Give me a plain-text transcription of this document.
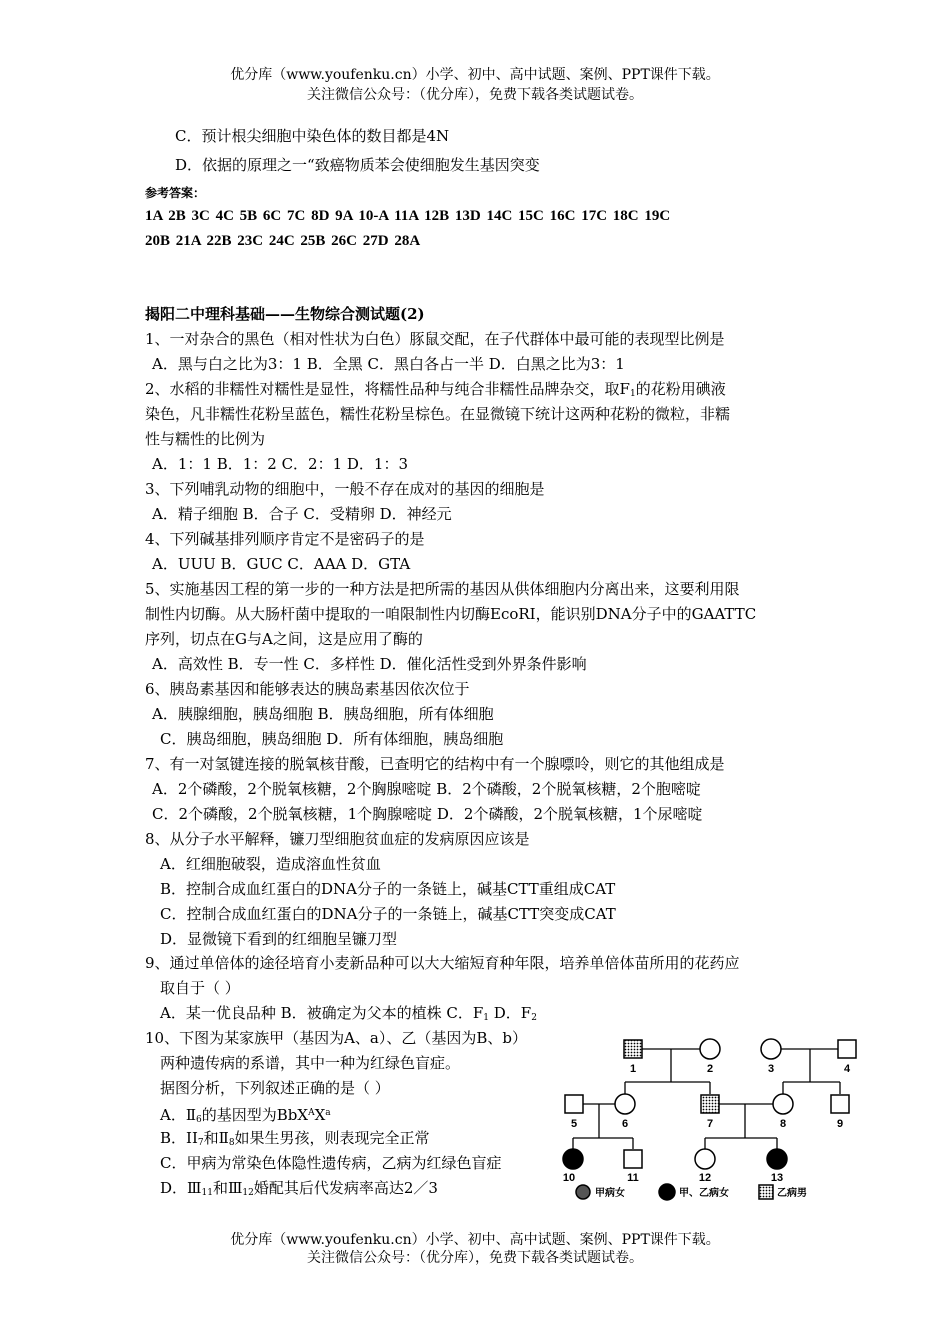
优分库（www.youfenku.cn）小学、初中、高中试题、案例、PPT课件下载。
关注微信公众号：（优分库），免费下载各类试题试卷。
C．预计根尖细胞中染色体的数目都是4N
D．依据的原理之一“致癌物质苯会使细胞发生基因突变
参考答案：
1A 2B 3C 4C 5B 6C 7C 8D 9A 10-A 11A 12B 13D 14C 15C 16C 17C 18C 19C
20B 21A 22B 23C 24C 25B 26C 27D 28A
揭阳二中理科基础——生物综合测试题(2)
1、一对杂合的黑色（相对性状为白色）豚鼠交配，在子代群体中最可能的表现型比例是
A．黑与白之比为3：1 B．全黑 C．黑白各占一半 D．白黑之比为3：1
2、水稻的非糯性对糯性是显性，将糯性品种与纯合非糯性品牌杂交，取$F_1$的花粉用碘液
染色，凡非糯性花粉呈蓝色，糯性花粉呈棕色。在显微镜下统计这两种花粉的微粒，非糯
性与糯性的比例为
A．1：1 B．1：2 C．2：1 D．1：3
3、下列哺乳动物的细胞中，一般不存在成对的基因的细胞是
A．精子细胞 B．合子 C．受精卵 D．神经元
4、下列碱基排列顺序肯定不是密码子的是
A．UUU B．GUC C．AAA D．GTA
5、实施基因工程的第一步的一种方法是把所需的基因从供体细胞内分离出来，这要利用限
制性内切酶。从大肠杆菌中提取的一咱限制性内切酶EcoRI，能识别DNA分子中的GAATTC
序列，切点在G与A之间，这是应用了酶的
A．高效性 B．专一性 C．多样性 D．催化活性受到外界条件影响
6、胰岛素基因和能够表达的胰岛素基因依次位于
A．胰腺细胞，胰岛细胞 B．胰岛细胞，所有体细胞
C．胰岛细胞，胰岛细胞 D．所有体细胞，胰岛细胞
7、有一对氢键连接的脱氧核苷酸，已查明它的结构中有一个腺嘌呤，则它的其他组成是
A．2个磷酸，2个脱氧核糖，2个胸腺嘧啶 B．2个磷酸，2个脱氧核糖，2个胞嘧啶
C．2个磷酸，2个脱氧核糖，1个胸腺嘧啶 D．2个磷酸，2个脱氧核糖，1个尿嘧啶
8、从分子水平解释，镰刀型细胞贫血症的发病原因应该是
A．红细胞破裂，造成溶血性贫血
B．控制合成血红蛋白的DNA分子的一条链上，碱基CTT重组成CAT
C．控制合成血红蛋白的DNA分子的一条链上，碱基CTT突变成CAT
D．显微镜下看到的红细胞呈镰刀型
9、通过单倍体的途径培育小麦新品种可以大大缩短育种年限，培养单倍体苗所用的花药应
取自于（ ）
A．某一优良品种 B．被确定为父本的植株 C．$F_1$ D．$F_2$
10、下图为某家族甲（基因为A、a）、乙（基因为B、b）
两种遗传病的系谱，其中一种为红绿色盲症。
据图分析，下列叙述正确的是（ ）
A．$Ⅱ_6$的基因型为$BbX^AX^a$
B．$II_7$和$Ⅱ_8$如果生男孩，则表现完全正常
C．甲病为常染色体隐性遗传病，乙病为红绿色盲症
D．$Ⅲ_{11}$和$Ⅲ_{12}$婚配其后代发病率高达2／3
1	2	3	4
5	6	7	8	9
10	11	12	13
甲病女	甲、乙病女	乙病男
优分库（www.youfenku.cn）小学、初中、高中试题、案例、PPT课件下载。
关注微信公众号：（优分库），免费下载各类试题试卷。
